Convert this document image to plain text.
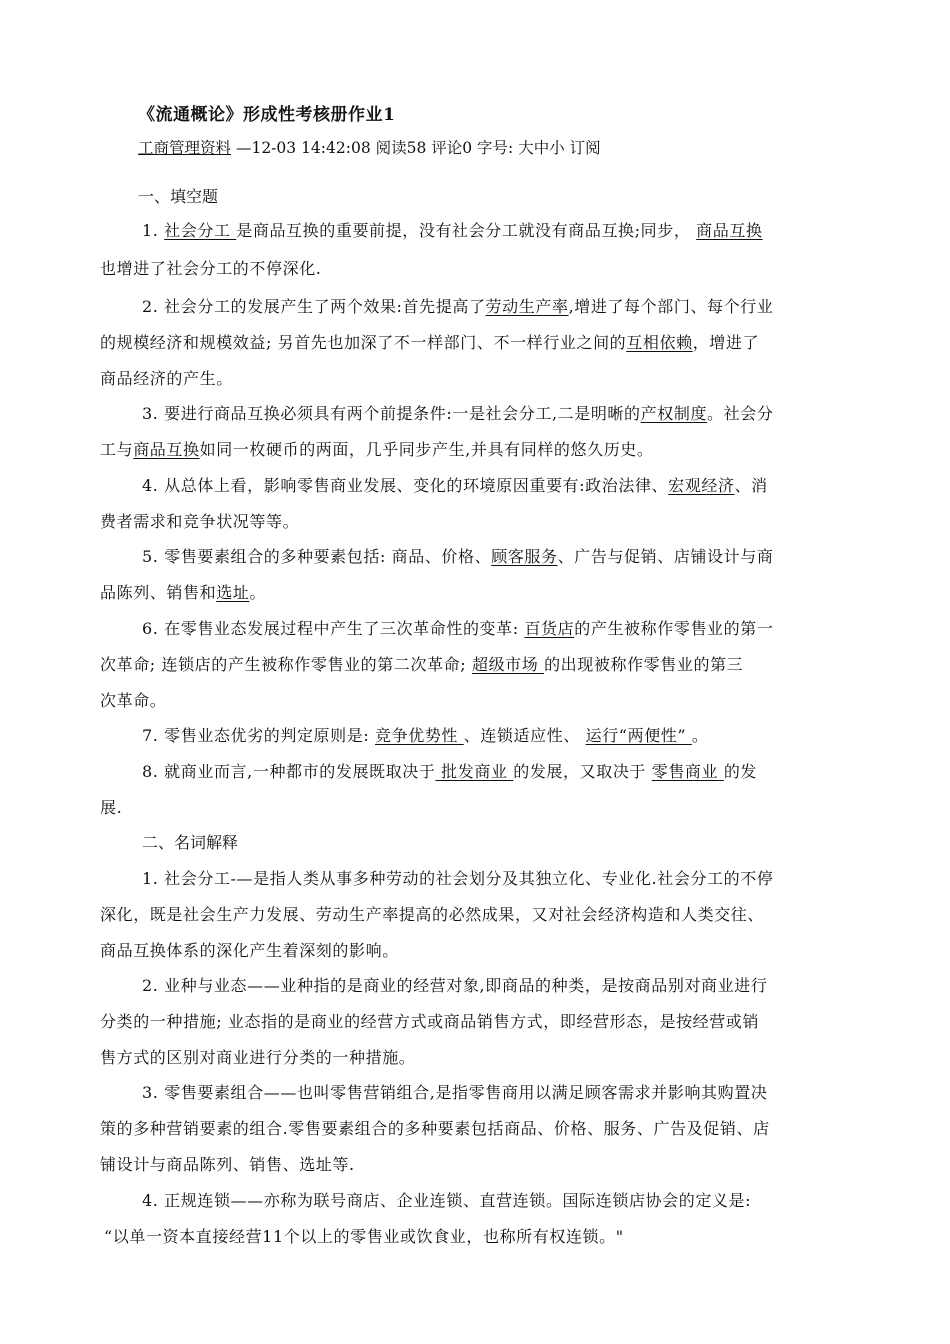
《流通概论》形成性考核册作业1
工商管理资料 —12-03 14:42:08 阅读58 评论0 字号: 大中小 订阅
一、填空题
1. 社会分工 是商品互换的重要前提，没有社会分工就没有商品互换;同步， 商品互换
也增进了社会分工的不停深化.
2. 社会分工的发展产生了两个效果:首先提高了劳动生产率,增进了每个部门、每个行业
的规模经济和规模效益; 另首先也加深了不一样部门、不一样行业之间的互相依赖，增进了
商品经济的产生。
3. 要进行商品互换必须具有两个前提条件:一是社会分工,二是明晰的产权制度。社会分
工与商品互换如同一枚硬币的两面，几乎同步产生,并具有同样的悠久历史。
4. 从总体上看，影响零售商业发展、变化的环境原因重要有:政治法律、宏观经济、消
费者需求和竞争状况等等。
5. 零售要素组合的多种要素包括: 商品、价格、顾客服务、广告与促销、店铺设计与商
品陈列、销售和选址。
6. 在零售业态发展过程中产生了三次革命性的变革: 百货店的产生被称作零售业的第一
次革命; 连锁店的产生被称作零售业的第二次革命; 超级市场 的出现被称作零售业的第三
次革命。
7. 零售业态优劣的判定原则是: 竞争优势性 、连锁适应性、 运行“两便性” 。
8. 就商业而言,一种都市的发展既取决于 批发商业 的发展，又取决于 零售商业 的发
展.
二、名词解释
1. 社会分工-—是指人类从事多种劳动的社会划分及其独立化、专业化.社会分工的不停
深化，既是社会生产力发展、劳动生产率提高的必然成果，又对社会经济构造和人类交往、
商品互换体系的深化产生着深刻的影响。
2. 业种与业态——业种指的是商业的经营对象,即商品的种类，是按商品别对商业进行
分类的一种措施; 业态指的是商业的经营方式或商品销售方式，即经营形态，是按经营或销
售方式的区别对商业进行分类的一种措施。
3. 零售要素组合——也叫零售营销组合,是指零售商用以满足顾客需求并影响其购置决
策的多种营销要素的组合.零售要素组合的多种要素包括商品、价格、服务、广告及促销、店
铺设计与商品陈列、销售、选址等.
4. 正规连锁——亦称为联号商店、企业连锁、直营连锁。国际连锁店协会的定义是:
“以单一资本直接经营11个以上的零售业或饮食业，也称所有权连锁。"
